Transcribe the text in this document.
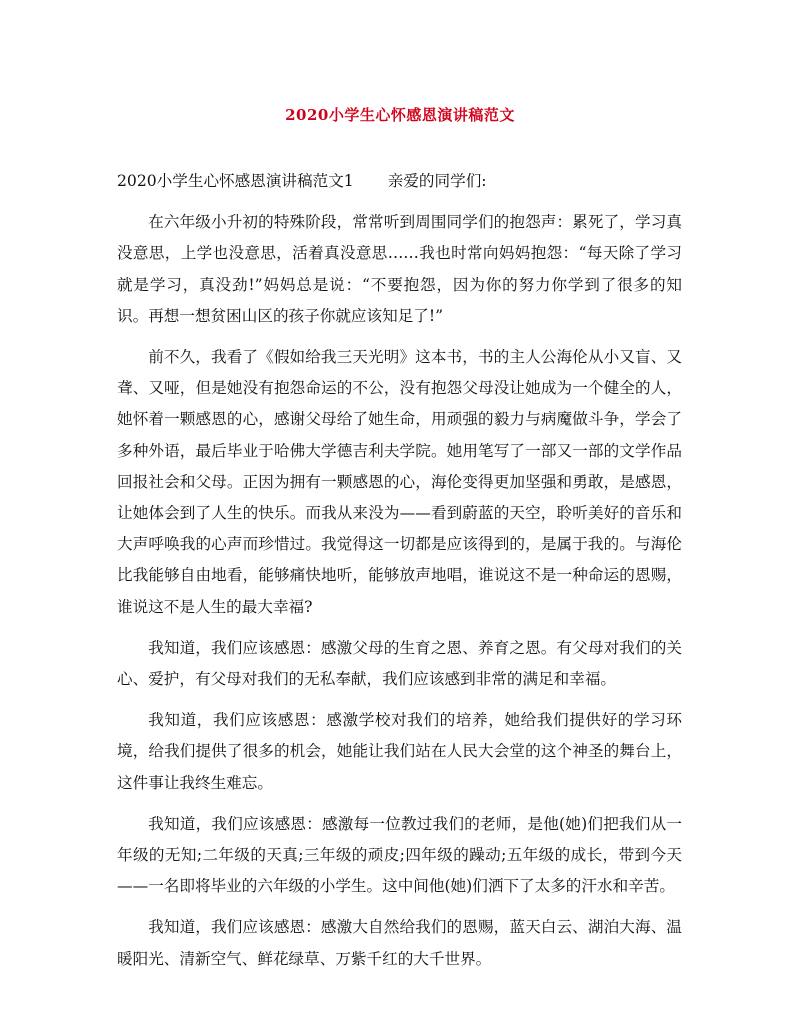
2020小学生心怀感恩演讲稿范文

2020小学生心怀感恩演讲稿范文1 亲爱的同学们:

在六年级小升初的特殊阶段，常常听到周围同学们的抱怨声：累死了，学习真没意思，上学也没意思，活着真没意思……我也时常向妈妈抱怨：“每天除了学习就是学习，真没劲!”妈妈总是说：“不要抱怨，因为你的努力你学到了很多的知识。再想一想贫困山区的孩子你就应该知足了!”

前不久，我看了《假如给我三天光明》这本书，书的主人公海伦从小又盲、又聋、又哑，但是她没有抱怨命运的不公，没有抱怨父母没让她成为一个健全的人，她怀着一颗感恩的心，感谢父母给了她生命，用顽强的毅力与病魔做斗争，学会了多种外语，最后毕业于哈佛大学德吉利夫学院。她用笔写了一部又一部的文学作品回报社会和父母。正因为拥有一颗感恩的心，海伦变得更加坚强和勇敢，是感恩，让她体会到了人生的快乐。而我从来没为——看到蔚蓝的天空，聆听美好的音乐和大声呼唤我的心声而珍惜过。我觉得这一切都是应该得到的，是属于我的。与海伦比我能够自由地看，能够痛快地听，能够放声地唱，谁说这不是一种命运的恩赐，谁说这不是人生的最大幸福?

我知道，我们应该感恩：感激父母的生育之恩、养育之恩。有父母对我们的关心、爱护，有父母对我们的无私奉献，我们应该感到非常的满足和幸福。

我知道，我们应该感恩：感激学校对我们的培养，她给我们提供好的学习环境，给我们提供了很多的机会，她能让我们站在人民大会堂的这个神圣的舞台上，这件事让我终生难忘。

我知道，我们应该感恩：感激每一位教过我们的老师，是他(她)们把我们从一年级的无知;二年级的天真;三年级的顽皮;四年级的躁动;五年级的成长，带到今天——一名即将毕业的六年级的小学生。这中间他(她)们洒下了太多的汗水和辛苦。

我知道，我们应该感恩：感激大自然给我们的恩赐，蓝天白云、湖泊大海、温暖阳光、清新空气、鲜花绿草、万紫千红的大千世界。
